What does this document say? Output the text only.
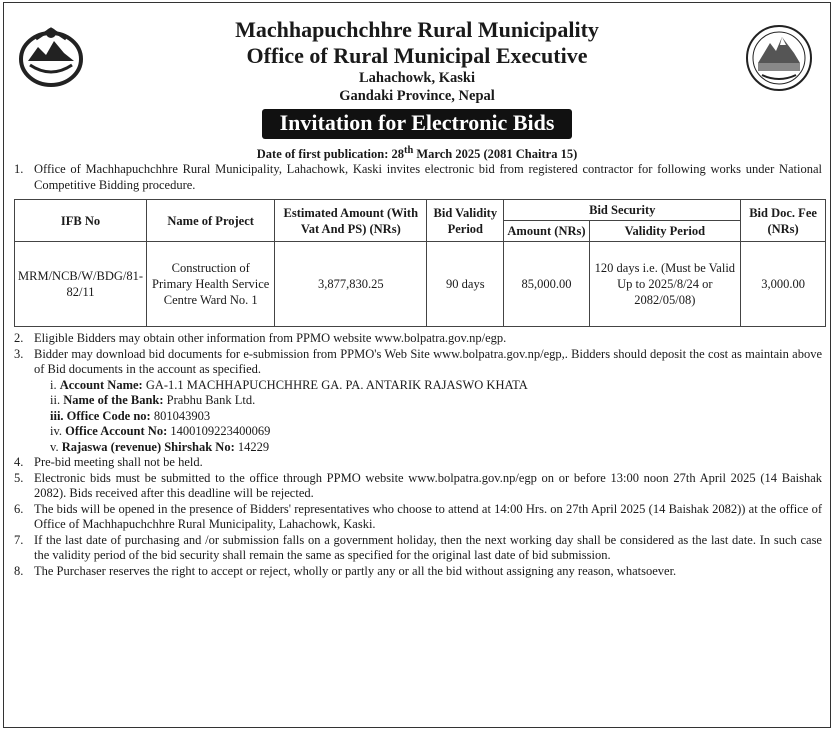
Machhapuchchhre Rural Municipality
Office of Rural Municipal Executive
Lahachowk, Kaski
Gandaki Province, Nepal
Invitation for Electronic Bids
Date of first publication: 28th March 2025 (2081 Chaitra 15)
1. Office of Machhapuchchhre Rural Municipality, Lahachowk, Kaski invites electronic bid from registered contractor for following works under National Competitive Bidding procedure.
IFB No	Name of Project	Estimated Amount (With Vat And PS) (NRs)	Bid Validity Period	Bid Security		Bid Doc. Fee (NRs)
				Amount (NRs)	Validity Period	
MRM/NCB/W/BDG/81-82/11	Construction of Primary Health Service Centre Ward No. 1	3,877,830.25	90 days	85,000.00	120 days i.e. (Must be Valid Up to 2025/8/24 or 2082/05/08)	3,000.00
2. Eligible Bidders may obtain other information from PPMO website www.bolpatra.gov.np/egp.
3. Bidder may download bid documents for e-submission from PPMO's Web Site www.bolpatra.gov.np/egp,. Bidders should deposit the cost as maintain above of Bid documents in the account as specified.
i. Account Name: GA-1.1 MACHHAPUCHCHHRE GA. PA. ANTARIK RAJASWO KHATA
ii. Name of the Bank: Prabhu Bank Ltd.
iii. Office Code no: 801043903
iv. Office Account No: 1400109223400069
v. Rajaswa (revenue) Shirshak No: 14229
4. Pre-bid meeting shall not be held.
5. Electronic bids must be submitted to the office through PPMO website www.bolpatra.gov.np/egp on or before 13:00 noon 27th April 2025 (14 Baishak 2082). Bids received after this deadline will be rejected.
6. The bids will be opened in the presence of Bidders' representatives who choose to attend at 14:00 Hrs. on 27th April 2025 (14 Baishak 2082)) at the office of Office of Machhapuchchhre Rural Municipality, Lahachowk, Kaski.
7. If the last date of purchasing and /or submission falls on a government holiday, then the next working day shall be considered as the last date. In such case the validity period of the bid security shall remain the same as specified for the original last date of bid submission.
8. The Purchaser reserves the right to accept or reject, wholly or partly any or all the bid without assigning any reason, whatsoever.
